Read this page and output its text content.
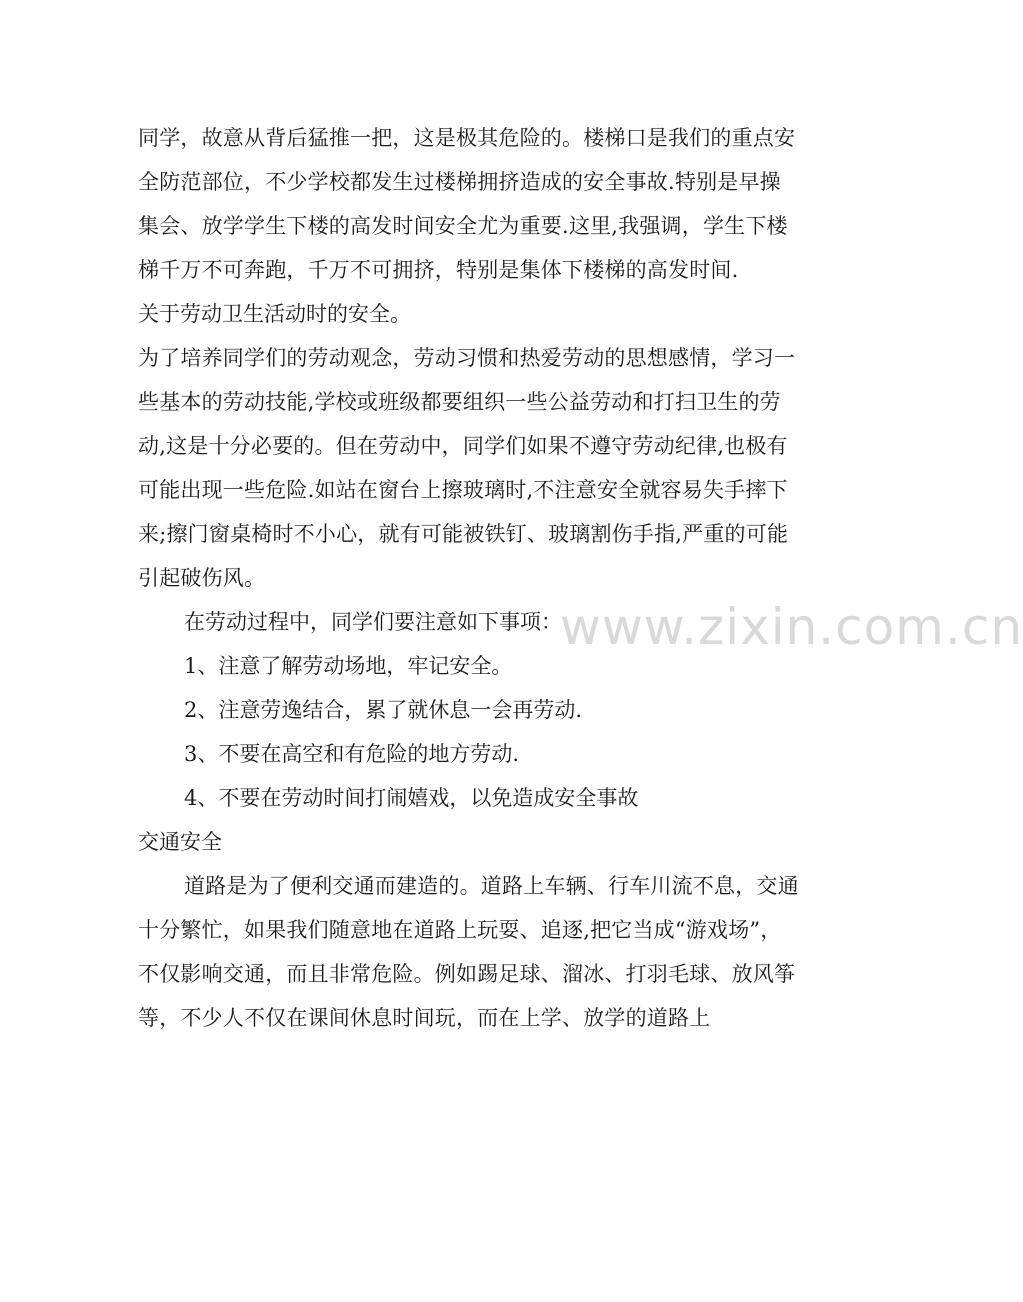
同学，故意从背后猛推一把，这是极其危险的。楼梯口是我们的重点安全防范部位，不少学校都发生过楼梯拥挤造成的安全事故.特别是早操集会、放学学生下楼的高发时间安全尤为重要.这里,我强调，学生下楼梯千万不可奔跑，千万不可拥挤，特别是集体下楼梯的高发时间.

关于劳动卫生活动时的安全。

为了培养同学们的劳动观念，劳动习惯和热爱劳动的思想感情，学习一些基本的劳动技能,学校或班级都要组织一些公益劳动和打扫卫生的劳动,这是十分必要的。但在劳动中，同学们如果不遵守劳动纪律,也极有可能出现一些危险.如站在窗台上擦玻璃时,不注意安全就容易失手摔下来;擦门窗桌椅时不小心，就有可能被铁钉、玻璃割伤手指,严重的可能引起破伤风。

在劳动过程中，同学们要注意如下事项：

1、注意了解劳动场地，牢记安全。

2、注意劳逸结合，累了就休息一会再劳动.

3、不要在高空和有危险的地方劳动.

4、不要在劳动时间打闹嬉戏，以免造成安全事故

交通安全

道路是为了便利交通而建造的。道路上车辆、行车川流不息，交通十分繁忙，如果我们随意地在道路上玩耍、追逐,把它当成“游戏场”，不仅影响交通，而且非常危险。例如踢足球、溜冰、打羽毛球、放风筝等，不少人不仅在课间休息时间玩，而在上学、放学的道路上

www.zixin.com.cn
